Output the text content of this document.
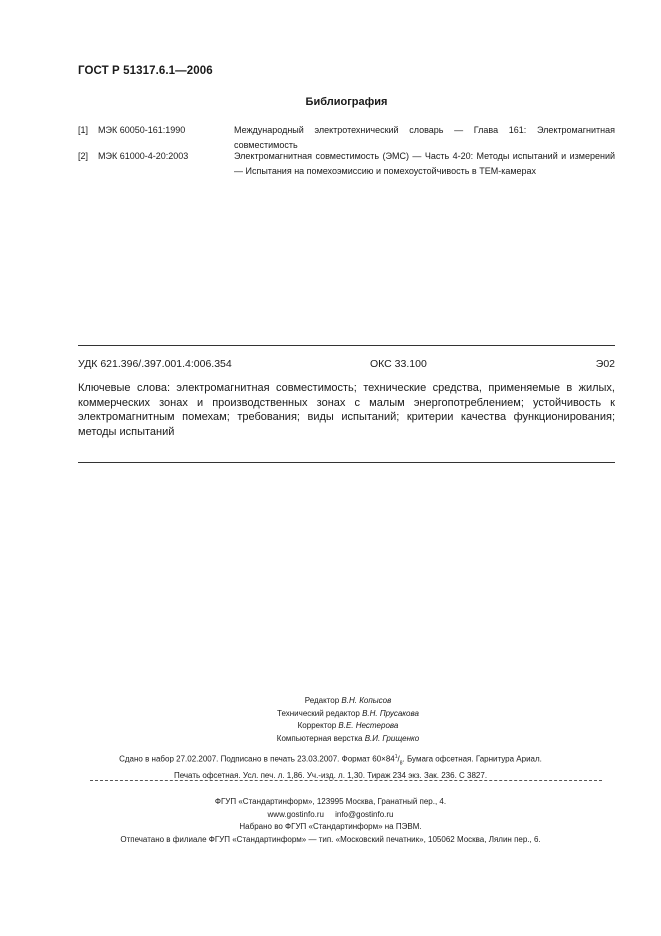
ГОСТ Р 51317.6.1—2006
Библиография
[1] МЭК 60050-161:1990	Международный электротехнический словарь — Глава 161: Электромагнитная совместимость
[2] МЭК 61000-4-20:2003	Электромагнитная совместимость (ЭМС) — Часть 4-20: Методы испытаний и измерений — Испытания на помехоэмиссию и помехоустойчивость в ТЕМ-камерах
УДК 621.396/.397.001.4:006.354	ОКС 33.100	Э02
Ключевые слова: электромагнитная совместимость; технические средства, применяемые в жилых, коммерческих зонах и производственных зонах с малым энергопотреблением; устойчивость к электромагнитным помехам; требования; виды испытаний; критерии качества функционирования; методы испытаний
Редактор В.Н. Копысов
Технический редактор В.Н. Прусакова
Корректор В.Е. Нестерова
Компьютерная верстка В.И. Грищенко
Сдано в набор 27.02.2007. Подписано в печать 23.03.2007. Формат $60\times 84^1/_8$. Бумага офсетная. Гарнитура Ариал.
Печать офсетная. Усл. печ. л. 1,86. Уч.-изд. л. 1,30. Тираж 234 экз. Зак. 236. С 3827.
ФГУП «Стандартинформ», 123995 Москва, Гранатный пер., 4.
www.gostinfo.ru info@gostinfo.ru
Набрано во ФГУП «Стандартинформ» на ПЭВМ.
Отпечатано в филиале ФГУП «Стандартинформ» — тип. «Московский печатник», 105062 Москва, Лялин пер., 6.
